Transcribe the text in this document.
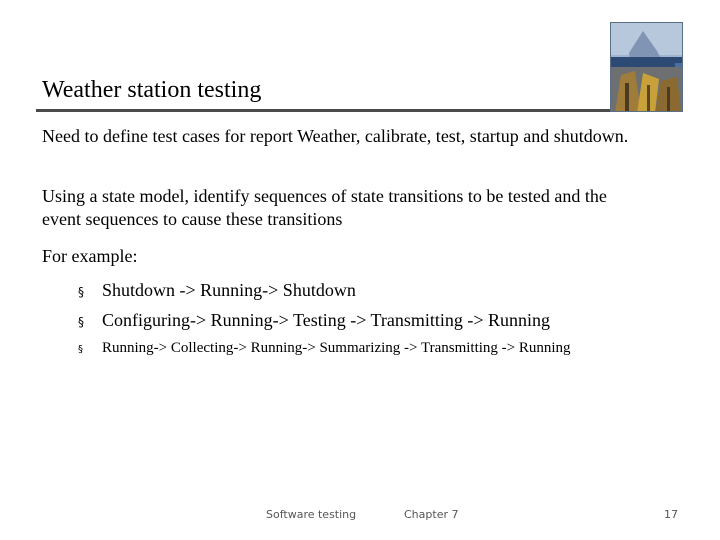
Weather station testing
Need to define test cases for report Weather, calibrate, test, startup and shutdown.
Using a state model, identify sequences of state transitions to be tested and the event sequences to cause these transitions
For example:
§ Shutdown -> Running-> Shutdown
§ Configuring-> Running-> Testing -> Transmitting -> Running
§ Running-> Collecting-> Running-> Summarizing -> Transmitting -> Running
Software testing	Chapter 7	17
